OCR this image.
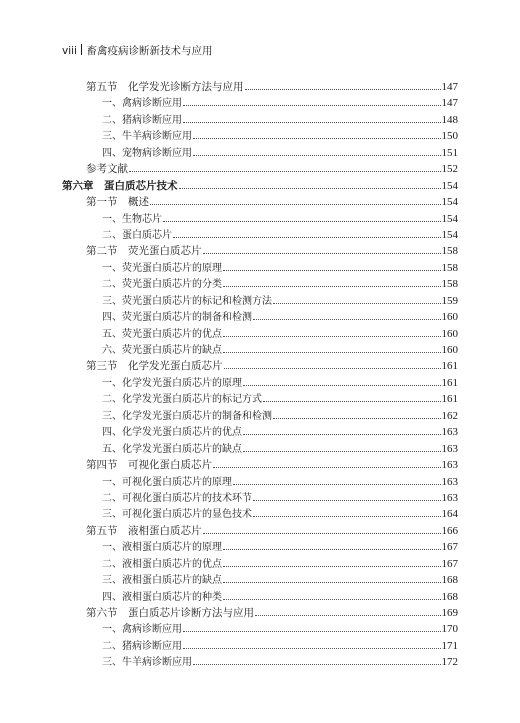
viii 畜禽疫病诊断新技术与应用
第五节　化学发光诊断方法与应用	147
一、禽病诊断应用	147
二、猪病诊断应用	148
三、牛羊病诊断应用	150
四、宠物病诊断应用	151
参考文献	152
第六章　蛋白质芯片技术	154
第一节　概述	154
一、生物芯片	154
二、蛋白质芯片	154
第二节　荧光蛋白质芯片	158
一、荧光蛋白质芯片的原理	158
二、荧光蛋白质芯片的分类	158
三、荧光蛋白质芯片的标记和检测方法	159
四、荧光蛋白质芯片的制备和检测	160
五、荧光蛋白质芯片的优点	160
六、荧光蛋白质芯片的缺点	160
第三节　化学发光蛋白质芯片	161
一、化学发光蛋白质芯片的原理	161
二、化学发光蛋白质芯片的标记方式	161
三、化学发光蛋白质芯片的制备和检测	162
四、化学发光蛋白质芯片的优点	163
五、化学发光蛋白质芯片的缺点	163
第四节　可视化蛋白质芯片	163
一、可视化蛋白质芯片的原理	163
二、可视化蛋白质芯片的技术环节	163
三、可视化蛋白质芯片的显色技术	164
第五节　液相蛋白质芯片	166
一、液相蛋白质芯片的原理	167
二、液相蛋白质芯片的优点	167
三、液相蛋白质芯片的缺点	168
四、液相蛋白质芯片的种类	168
第六节　蛋白质芯片诊断方法与应用	169
一、禽病诊断应用	170
二、猪病诊断应用	171
三、牛羊病诊断应用	172
